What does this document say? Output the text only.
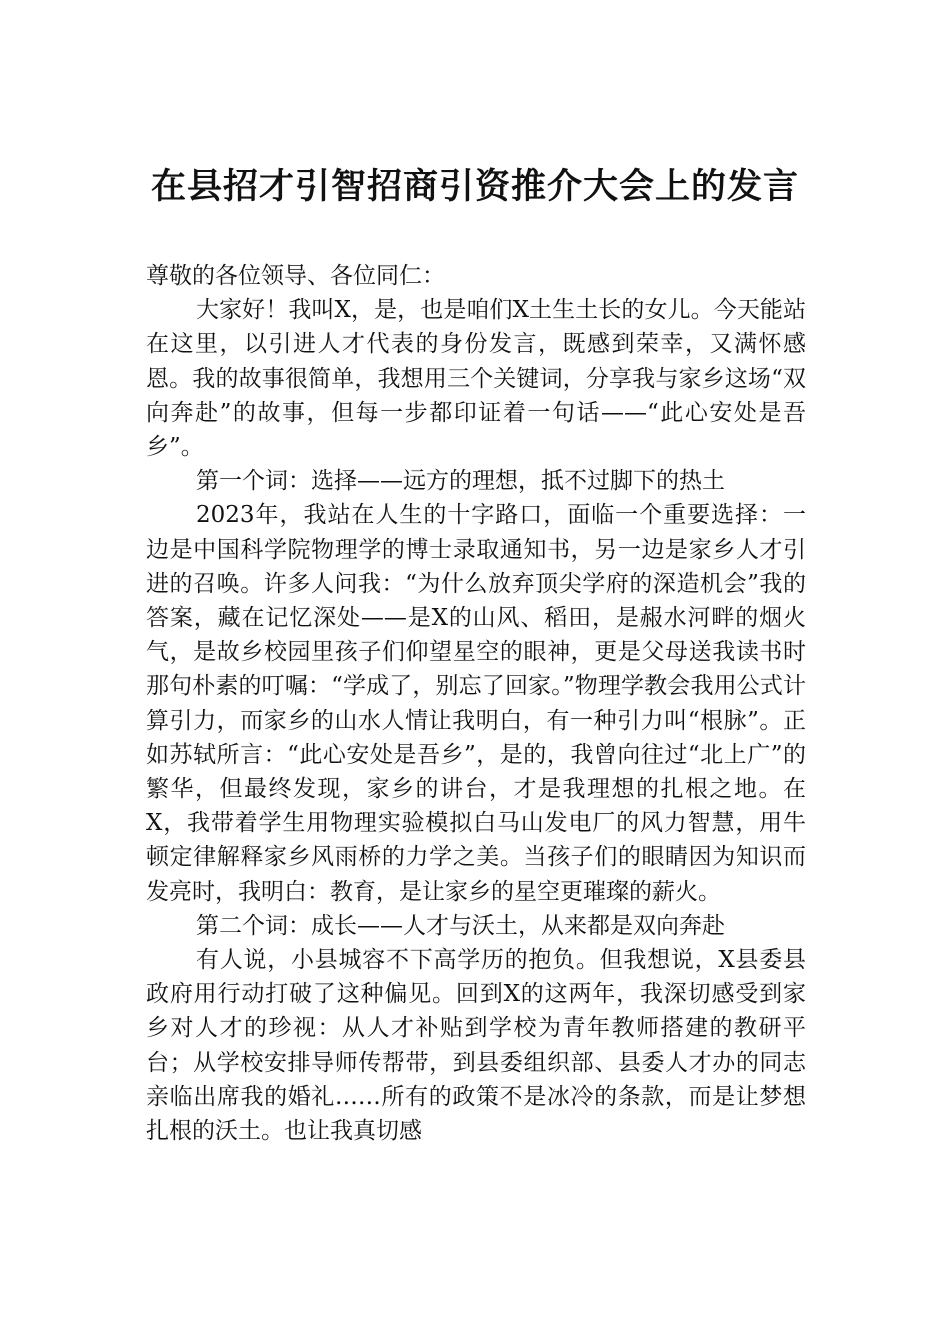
在县招才引智招商引资推介大会上的发言

尊敬的各位领导、各位同仁：

大家好！我叫X，是，也是咱们X土生土长的女儿。今天能站在这里，以引进人才代表的身份发言，既感到荣幸，又满怀感恩。我的故事很简单，我想用三个关键词，分享我与家乡这场“双向奔赴”的故事，但每一步都印证着一句话——“此心安处是吾乡”。

第一个词：选择——远方的理想，抵不过脚下的热土

2023年，我站在人生的十字路口，面临一个重要选择：一边是中国科学院物理学的博士录取通知书，另一边是家乡人才引进的召唤。许多人问我：“为什么放弃顶尖学府的深造机会”我的答案，藏在记忆深处——是X的山风、稻田，是赧水河畔的烟火气，是故乡校园里孩子们仰望星空的眼神，更是父母送我读书时那句朴素的叮嘱：“学成了，别忘了回家。”物理学教会我用公式计算引力，而家乡的山水人情让我明白，有一种引力叫“根脉”。正如苏轼所言：“此心安处是吾乡”，是的，我曾向往过“北上广”的繁华，但最终发现，家乡的讲台，才是我理想的扎根之地。在X，我带着学生用物理实验模拟白马山发电厂的风力智慧，用牛顿定律解释家乡风雨桥的力学之美。当孩子们的眼睛因为知识而发亮时，我明白：教育，是让家乡的星空更璀璨的薪火。

第二个词：成长——人才与沃土，从来都是双向奔赴

有人说，小县城容不下高学历的抱负。但我想说，X县委县政府用行动打破了这种偏见。回到X的这两年，我深切感受到家乡对人才的珍视：从人才补贴到学校为青年教师搭建的教研平台；从学校安排导师传帮带，到县委组织部、县委人才办的同志亲临出席我的婚礼……所有的政策不是冰冷的条款，而是让梦想扎根的沃土。也让我真切感
